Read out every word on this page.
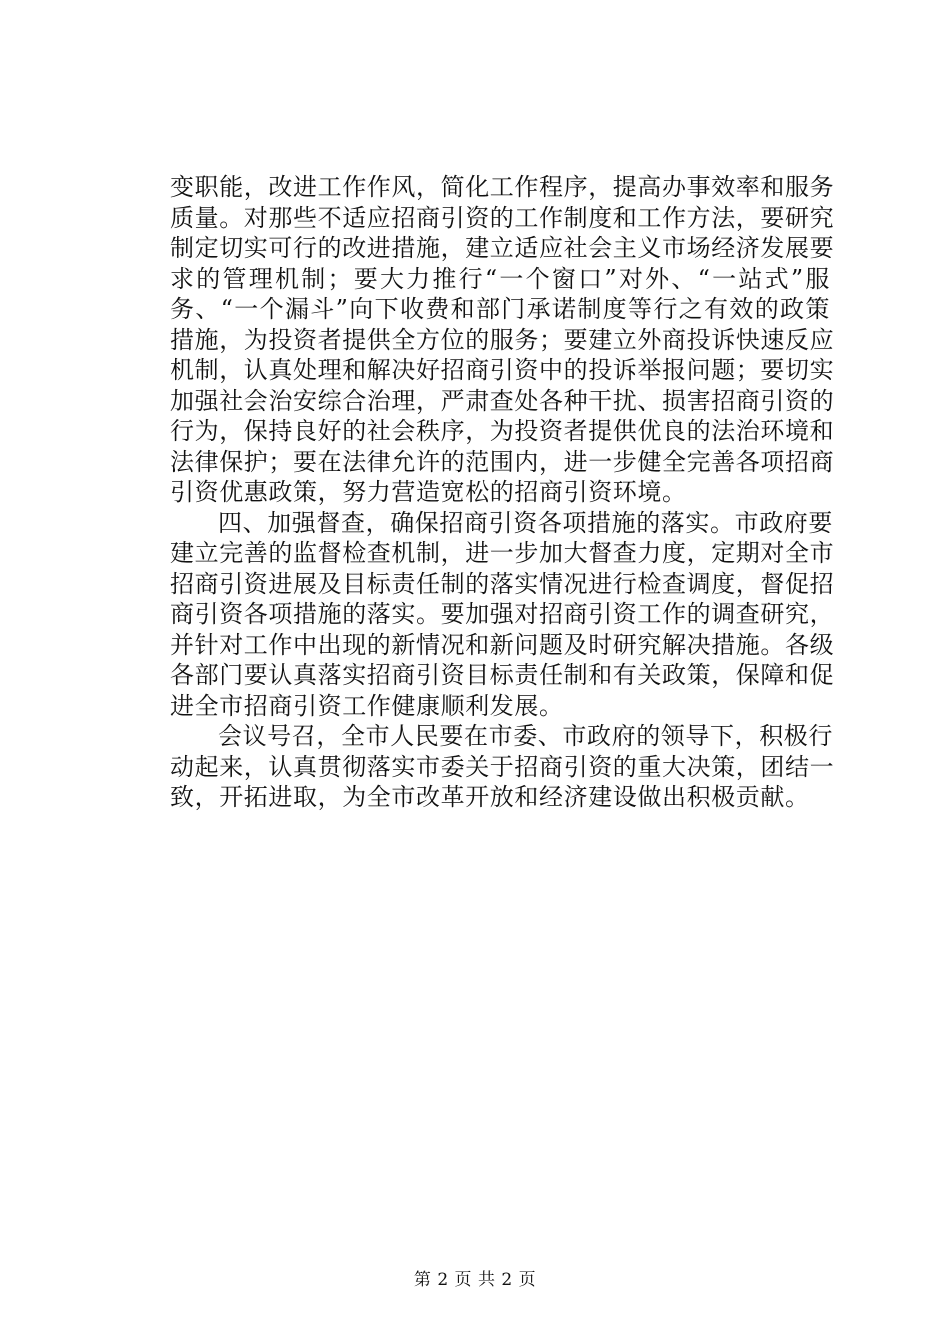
变职能，改进工作作风，简化工作程序，提高办事效率和服务
质量。对那些不适应招商引资的工作制度和工作方法，要研究
制定切实可行的改进措施，建立适应社会主义市场经济发展要
求的管理机制；要大力推行“一个窗口”对外、“一站式”服
务、“一个漏斗”向下收费和部门承诺制度等行之有效的政策
措施，为投资者提供全方位的服务；要建立外商投诉快速反应
机制，认真处理和解决好招商引资中的投诉举报问题；要切实
加强社会治安综合治理，严肃查处各种干扰、损害招商引资的
行为，保持良好的社会秩序，为投资者提供优良的法治环境和
法律保护；要在法律允许的范围内，进一步健全完善各项招商
引资优惠政策，努力营造宽松的招商引资环境。
四、加强督查，确保招商引资各项措施的落实。市政府要
建立完善的监督检查机制，进一步加大督查力度，定期对全市
招商引资进展及目标责任制的落实情况进行检查调度，督促招
商引资各项措施的落实。要加强对招商引资工作的调查研究，
并针对工作中出现的新情况和新问题及时研究解决措施。各级
各部门要认真落实招商引资目标责任制和有关政策，保障和促
进全市招商引资工作健康顺利发展。
会议号召，全市人民要在市委、市政府的领导下，积极行
动起来，认真贯彻落实市委关于招商引资的重大决策，团结一
致，开拓进取，为全市改革开放和经济建设做出积极贡献。
第 2 页 共 2 页
